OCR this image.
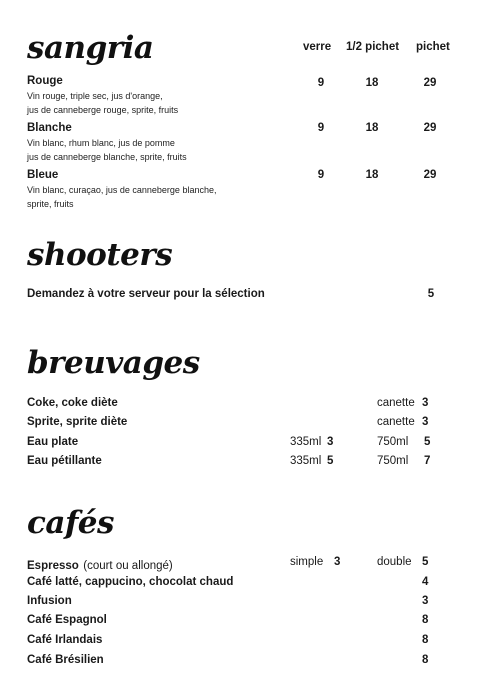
sangria	verre 1/2 pichet pichet
Rouge
Vin rouge, triple sec, jus d'orange,
jus de canneberge rouge, sprite, fruits
9	18	29
Blanche
Vin blanc, rhum blanc, jus de pomme
jus de canneberge blanche, sprite, fruits
9	18	29
Bleue
Vin blanc, curaçao, jus de canneberge blanche,
sprite, fruits
9	18	29
shooters
Demandez à votre serveur pour la sélection	5
breuvages
Coke, coke diète	canette 3
Sprite, sprite diète	canette 3
Eau plate	335ml 3	750ml 5
Eau pétillante	335ml 5	750ml 7
cafés
Espresso (court ou allongé)	simple 3	double 5
Café latté, cappucino, chocolat chaud	4
Infusion	3
Café Espagnol	8
Café Irlandais	8
Café Brésilien	8
